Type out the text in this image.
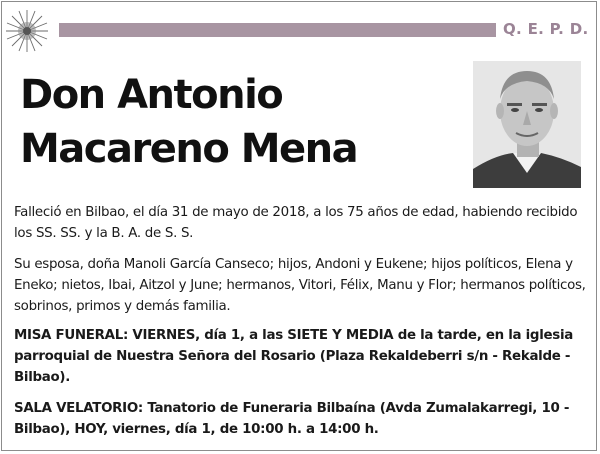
Q. E. P. D.
Don Antonio
Macareno Mena
Falleció en Bilbao, el día 31 de mayo de 2018, a los 75 años de edad, habiendo recibido los SS. SS. y la B. A. de S. S.
Su esposa, doña Manoli García Canseco; hijos, Andoni y Eukene; hijos políticos, Elena y Eneko; nietos, Ibai, Aitzol y June; hermanos, Vitori, Félix, Manu y Flor; hermanos políticos, sobrinos, primos y demás familia.
MISA FUNERAL: VIERNES, día 1, a las SIETE Y MEDIA de la tarde, en la iglesia parroquial de Nuestra Señora del Rosario (Plaza Rekaldeberri s/n - Rekalde - Bilbao).
SALA VELATORIO: Tanatorio de Funeraria Bilbaína (Avda Zumalakarregi, 10 - Bilbao), HOY, viernes, día 1, de 10:00 h. a 14:00 h.
